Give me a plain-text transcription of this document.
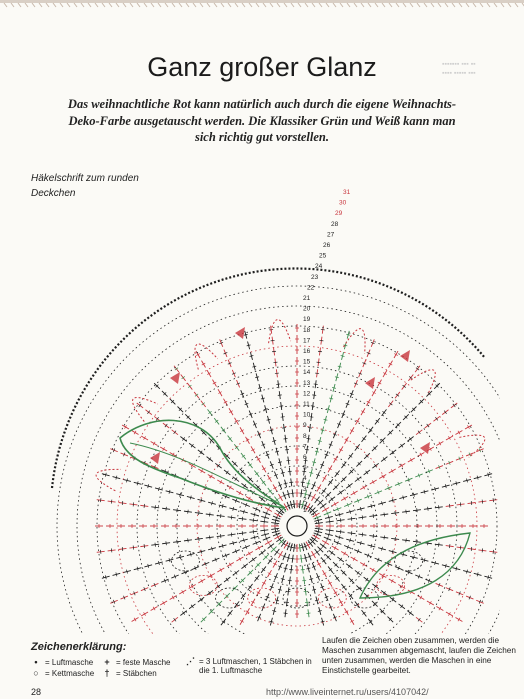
▪▪▪▪▪▪▪ ▪▪▪ ▪▪
▪▪▪▪ ▪▪▪▪▪ ▪▪▪
Ganz großer Glanz
Das weihnachtliche Rot kann natürlich auch durch die eigene Weihnachts-Deko-Farbe ausgetauscht werden. Die Klassiker Grün und Weiß kann man sich richtig gut vorstellen.
Häkelschrift zum runden Deckchen
1
2
3
4
5
6
7
8
9
10
11
12
13
14
15
16
17
18
19
20
21
22
23
24
25
26
27
28
29
30
31
Zeichenerklärung:
• = Luftmasche
○ = Kettmasche
+ = feste Masche
† = Stäbchen
⋰ = 3 Luftmaschen, 1 Stäbchen in die 1. Luftmasche
Laufen die Zeichen oben zusammen, werden die Maschen zusammen abgemascht, laufen die Zeichen unten zusammen, werden die Maschen in eine Einstichstelle gearbeitet.
28	http://www.liveinternet.ru/users/4107042/
